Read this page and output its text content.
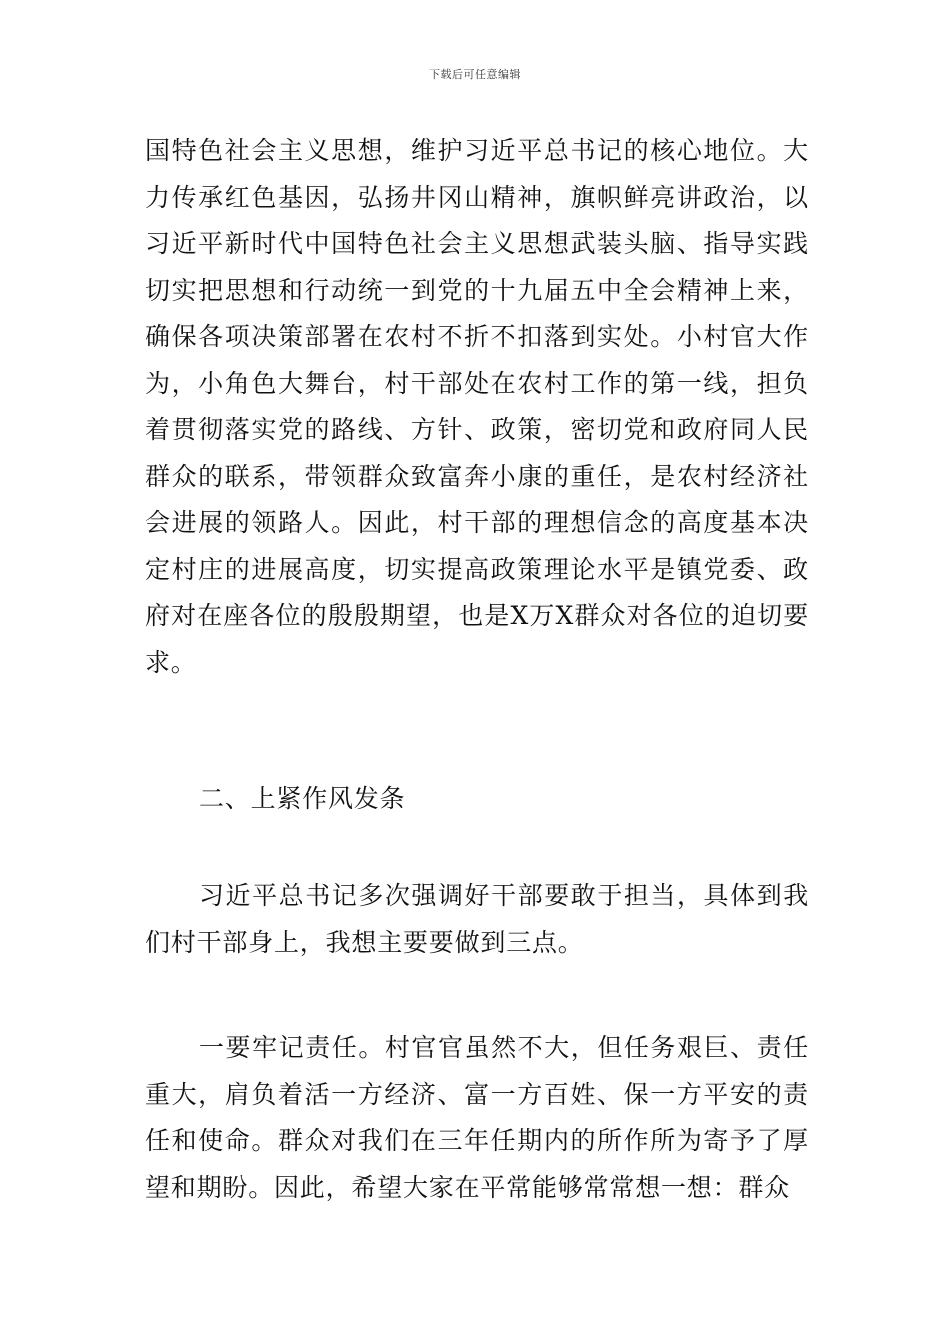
下载后可任意编辑

国特色社会主义思想，维护习近平总书记的核心地位。大力传承红色基因，弘扬井冈山精神，旗帜鲜亮讲政治，以习近平新时代中国特色社会主义思想武装头脑、指导实践切实把思想和行动统一到党的十九届五中全会精神上来，确保各项决策部署在农村不折不扣落到实处。小村官大作为，小角色大舞台，村干部处在农村工作的第一线，担负着贯彻落实党的路线、方针、政策，密切党和政府同人民群众的联系，带领群众致富奔小康的重任，是农村经济社会进展的领路人。因此，村干部的理想信念的高度基本决定村庄的进展高度，切实提高政策理论水平是镇党委、政府对在座各位的殷殷期望，也是X万X群众对各位的迫切要求。

二、上紧作风发条

习近平总书记多次强调好干部要敢于担当，具体到我们村干部身上，我想主要要做到三点。

一要牢记责任。村官官虽然不大，但任务艰巨、责任重大，肩负着活一方经济、富一方百姓、保一方平安的责任和使命。群众对我们在三年任期内的所作所为寄予了厚望和期盼。因此，希望大家在平常能够常常想一想：群众
